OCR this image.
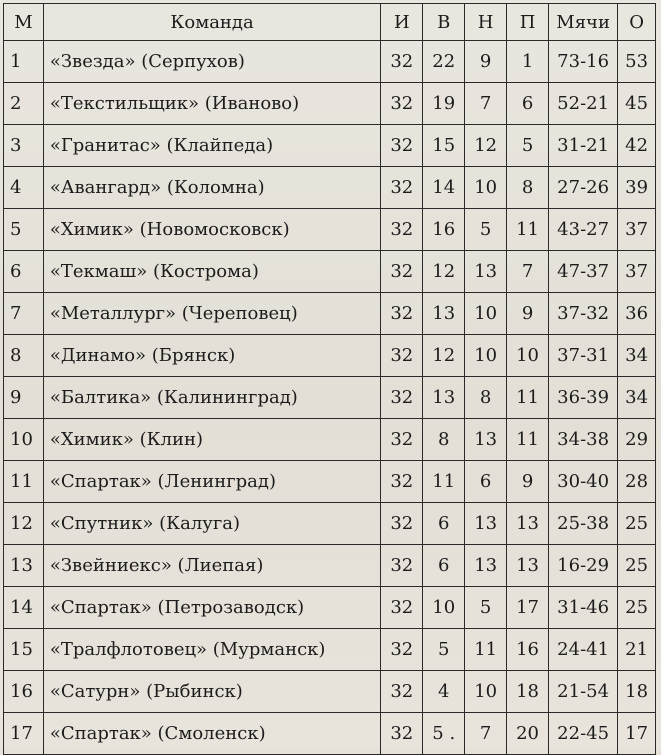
М	Команда	И	В	Н	П	Мячи	О
1	«Звезда» (Серпухов)	32	22	9	1	73-16	53
2	«Текстильщик» (Иваново)	32	19	7	6	52-21	45
3	«Гранитас» (Клайпеда)	32	15	12	5	31-21	42
4	«Авангард» (Коломна)	32	14	10	8	27-26	39
5	«Химик» (Новомосковск)	32	16	5	11	43-27	37
6	«Текмаш» (Кострома)	32	12	13	7	47-37	37
7	«Металлург» (Череповец)	32	13	10	9	37-32	36
8	«Динамо» (Брянск)	32	12	10	10	37-31	34
9	«Балтика» (Калининград)	32	13	8	11	36-39	34
10	«Химик» (Клин)	32	8	13	11	34-38	29
11	«Спартак» (Ленинград)	32	11	6	9	30-40	28
12	«Спутник» (Калуга)	32	6	13	13	25-38	25
13	«Звейниекс» (Лиепая)	32	6	13	13	16-29	25
14	«Спартак» (Петрозаводск)	32	10	5	17	31-46	25
15	«Тралфлотовец» (Мурманск)	32	5	11	16	24-41	21
16	«Сатурн» (Рыбинск)	32	4	10	18	21-54	18
17	«Спартак» (Смоленск)	32	5 .	7	20	22-45	17
